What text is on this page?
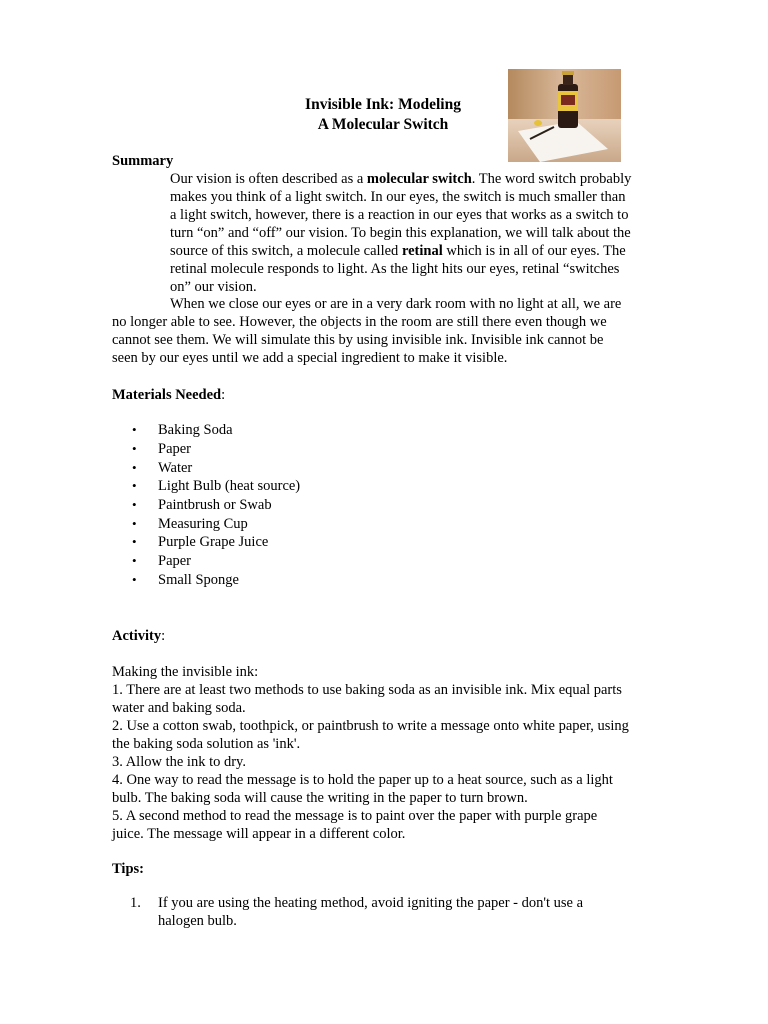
Invisible Ink: Modeling
A Molecular Switch

Summary

Our vision is often described as a molecular switch. The word switch probably makes you think of a light switch. In our eyes, the switch is much smaller than a light switch, however, there is a reaction in our eyes that works as a switch to turn “on” and “off” our vision. To begin this explanation, we will talk about the source of this switch, a molecule called retinal which is in all of our eyes. The retinal molecule responds to light. As the light hits our eyes, retinal “switches on” our vision.

When we close our eyes or are in a very dark room with no light at all, we are no longer able to see. However, the objects in the room are still there even though we cannot see them. We will simulate this by using invisible ink. Invisible ink cannot be seen by our eyes until we add a special ingredient to make it visible.

Materials Needed:

•	Baking Soda
•	Paper
•	Water
•	Light Bulb (heat source)
•	Paintbrush or Swab
•	Measuring Cup
•	Purple Grape Juice
•	Paper
•	Small Sponge

Activity:

Making the invisible ink:

1. There are at least two methods to use baking soda as an invisible ink. Mix equal parts water and baking soda.

2. Use a cotton swab, toothpick, or paintbrush to write a message onto white paper, using the baking soda solution as 'ink'.

3. Allow the ink to dry.

4. One way to read the message is to hold the paper up to a heat source, such as a light bulb. The baking soda will cause the writing in the paper to turn brown.

5. A second method to read the message is to paint over the paper with purple grape juice. The message will appear in a different color.

Tips:

1.	If you are using the heating method, avoid igniting the paper - don't use a halogen bulb.
